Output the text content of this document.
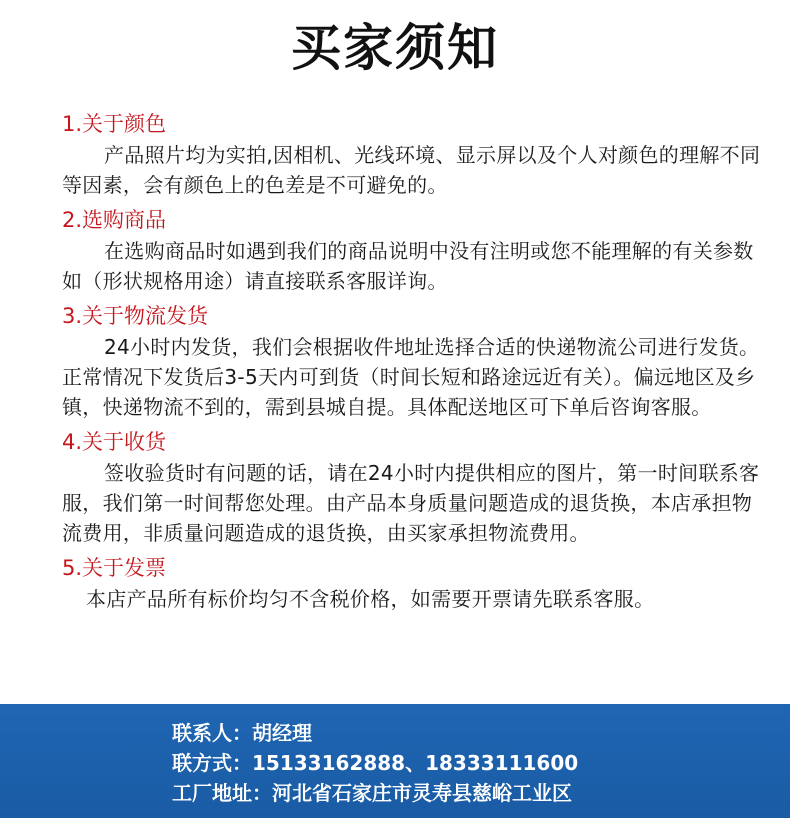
买家须知

1.关于颜色

产品照片均为实拍,因相机、光线环境、显示屏以及个人对颜色的理解不同等因素，会有颜色上的色差是不可避免的。

2.选购商品

在选购商品时如遇到我们的商品说明中没有注明或您不能理解的有关参数如（形状规格用途）请直接联系客服详询。

3.关于物流发货

24小时内发货，我们会根据收件地址选择合适的快递物流公司进行发货。正常情况下发货后3-5天内可到货（时间长短和路途远近有关）。偏远地区及乡镇，快递物流不到的，需到县城自提。具体配送地区可下单后咨询客服。

4.关于收货

签收验货时有问题的话，请在24小时内提供相应的图片，第一时间联系客服，我们第一时间帮您处理。由产品本身质量问题造成的退货换，本店承担物流费用，非质量问题造成的退货换，由买家承担物流费用。

5.关于发票

本店产品所有标价均匀不含税价格，如需要开票请先联系客服。

联系人：胡经理
联方式：15133162888、18333111600
工厂地址：河北省石家庄市灵寿县慈峪工业区
